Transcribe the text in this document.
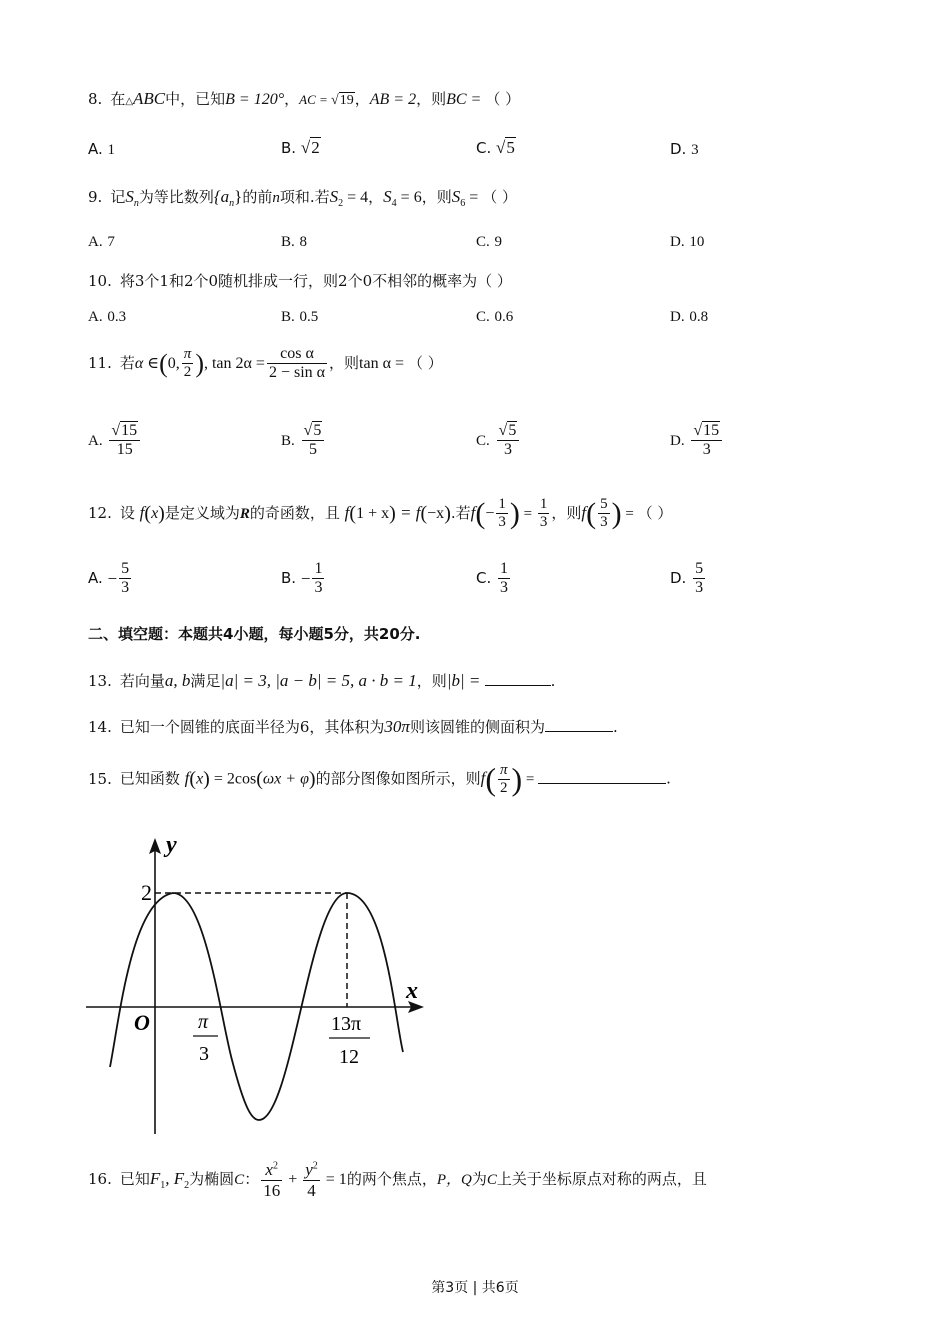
8. 在△ABC中，已知B = 120°，AC = √19，AB = 2，则BC = （ ）
A. 1	B. √2	C. √5	D. 3
9. 记$S_n$为等比数列$\{a_n\}$的前n项和.若$S_2 = 4$，$S_4 = 6$，则$S_6$ = （ ）
A. 7	B. 8	C. 9	D. 10
10. 将3个1和2个0随机排成一行，则2个0不相邻的概率为（ ）
A. 0.3	B. 0.5	C. 0.6	D. 0.8
11. 若α ∈(0, $\frac{\pi}{2}$ ), $\tan 2\alpha = \frac{\text{cos α}}{\text{2 − sin α}}$ ，则tan α = （ ）
A. $\frac{√15}{15}$	B. $\frac{√5}{5}$	C. $\frac{√5}{3}$	D. $\frac{√15}{3}$
12. 设 f(x)是定义域为R的奇函数，且 f(1 + x) = f(−x).若$f(- \frac{1}{3}$ ) = $\frac{1}{3}$ ，则$f( \frac{5}{3}$ ) = （ ）
A. − $\frac{5}{3}$	B. − $\frac{1}{3}$	C. $\frac{1}{3}$	D. $\frac{5}{3}$
二、填空题：本题共4小题，每小题5分，共20分.
13. 若向量a, b满足|a| = 3, |a − b| = 5, a · b = 1，则|b| =	.
14. 已知一个圆锥的底面半径为6，其体积为30π则该圆锥的侧面积为	.
15. 已知函数 f(x) = 2cos(ωx + φ)的部分图像如图所示，则$f( \frac{\pi}{2}$ ) =	.
y
x
O
2
π
3
13π
12
16. 已知$F_1$, $F_2$为椭圆C： $\frac{x^2}{16} + \frac{y^2}{4} = 1$的两个焦点，P，Q为C上关于坐标原点对称的两点，且
第3页 | 共6页
